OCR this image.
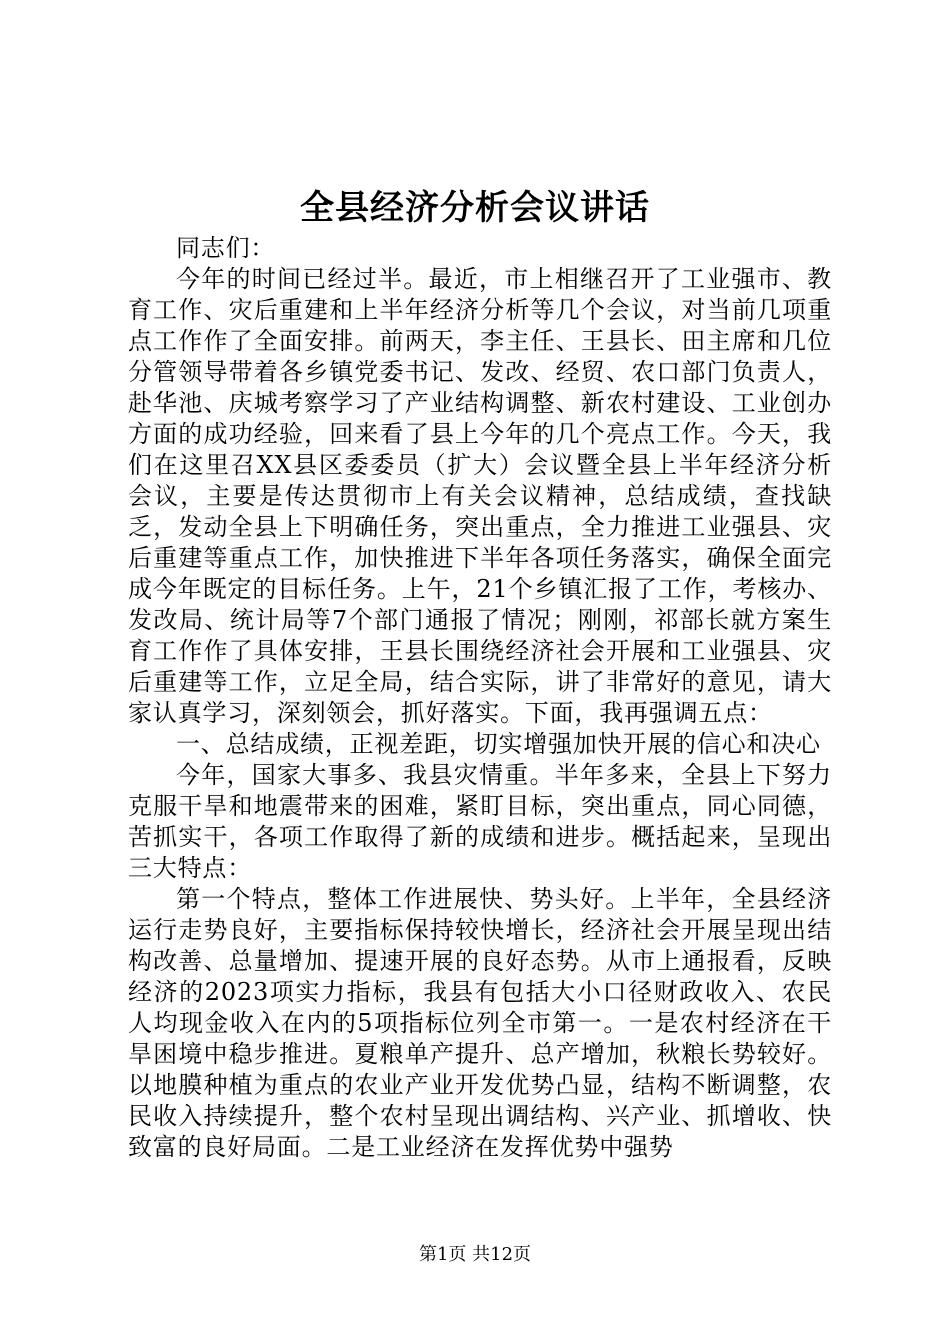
全县经济分析会议讲话

同志们：

今年的时间已经过半。最近，市上相继召开了工业强市、教育工作、灾后重建和上半年经济分析等几个会议，对当前几项重点工作作了全面安排。前两天，李主任、王县长、田主席和几位分管领导带着各乡镇党委书记、发改、经贸、农口部门负责人，赴华池、庆城考察学习了产业结构调整、新农村建设、工业创办方面的成功经验，回来看了县上今年的几个亮点工作。今天，我们在这里召XX县区委委员（扩大）会议暨全县上半年经济分析会议，主要是传达贯彻市上有关会议精神，总结成绩，查找缺乏，发动全县上下明确任务，突出重点，全力推进工业强县、灾后重建等重点工作，加快推进下半年各项任务落实，确保全面完成今年既定的目标任务。上午，21个乡镇汇报了工作，考核办、发改局、统计局等7个部门通报了情况；刚刚，祁部长就方案生育工作作了具体安排，王县长围绕经济社会开展和工业强县、灾后重建等工作，立足全局，结合实际，讲了非常好的意见，请大家认真学习，深刻领会，抓好落实。下面，我再强调五点：

一、总结成绩，正视差距，切实增强加快开展的信心和决心

今年，国家大事多、我县灾情重。半年多来，全县上下努力克服干旱和地震带来的困难，紧盯目标，突出重点，同心同德，苦抓实干，各项工作取得了新的成绩和进步。概括起来，呈现出三大特点：

第一个特点，整体工作进展快、势头好。上半年，全县经济运行走势良好，主要指标保持较快增长，经济社会开展呈现出结构改善、总量增加、提速开展的良好态势。从市上通报看，反映经济的2023项实力指标，我县有包括大小口径财政收入、农民人均现金收入在内的5项指标位列全市第一。一是农村经济在干旱困境中稳步推进。夏粮单产提升、总产增加，秋粮长势较好。以地膜种植为重点的农业产业开发优势凸显，结构不断调整，农民收入持续提升，整个农村呈现出调结构、兴产业、抓增收、快致富的良好局面。二是工业经济在发挥优势中强势

第1页 共12页
